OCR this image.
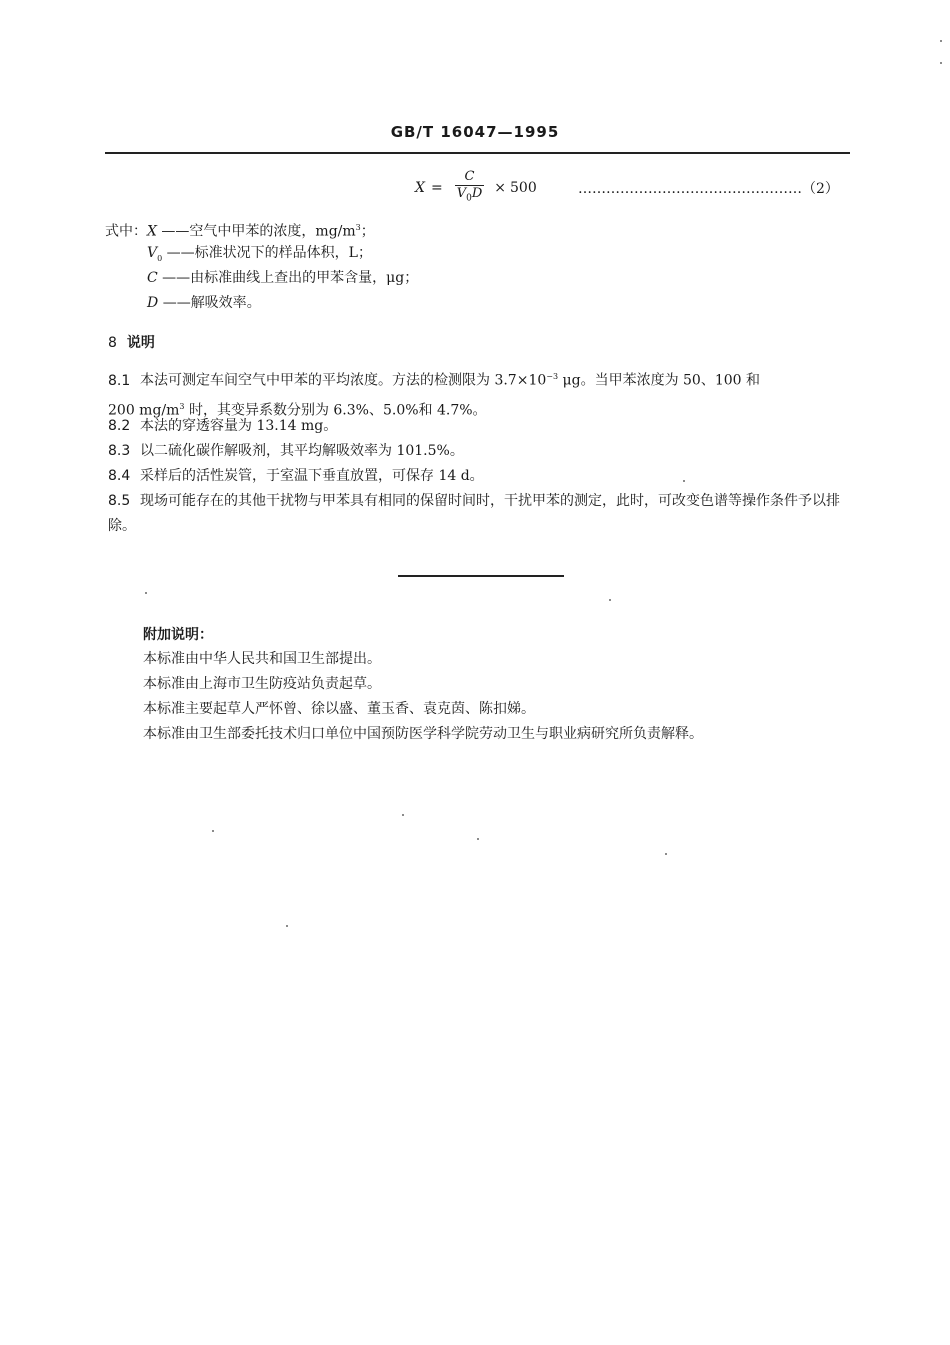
GB/T 16047—1995
$X = \frac{C}{V_0D} \times 500$	…………………………………………（2）
式中：X ——空气中甲苯的浓度，$mg/m^3$；
$V_0$ ——标准状况下的样品体积，L；
C ——由标准曲线上查出的甲苯含量，μg；
D ——解吸效率。
8 说明
8.1 本法可测定车间空气中甲苯的平均浓度。方法的检测限为 $3.7\times 10^{-3}$ μg。当甲苯浓度为 50、100 和
200 $mg/m^3$ 时，其变异系数分别为 6.3%、5.0%和 4.7%。
8.2 本法的穿透容量为 13.14 mg。
8.3 以二硫化碳作解吸剂，其平均解吸效率为 101.5%。
8.4 采样后的活性炭管，于室温下垂直放置，可保存 14 d。
8.5 现场可能存在的其他干扰物与甲苯具有相同的保留时间时，干扰甲苯的测定，此时，可改变色谱等操作条件予以排除。
附加说明：
本标准由中华人民共和国卫生部提出。
本标准由上海市卫生防疫站负责起草。
本标准主要起草人严怀曾、徐以盛、董玉香、袁克茵、陈扣娣。
本标准由卫生部委托技术归口单位中国预防医学科学院劳动卫生与职业病研究所负责解释。
